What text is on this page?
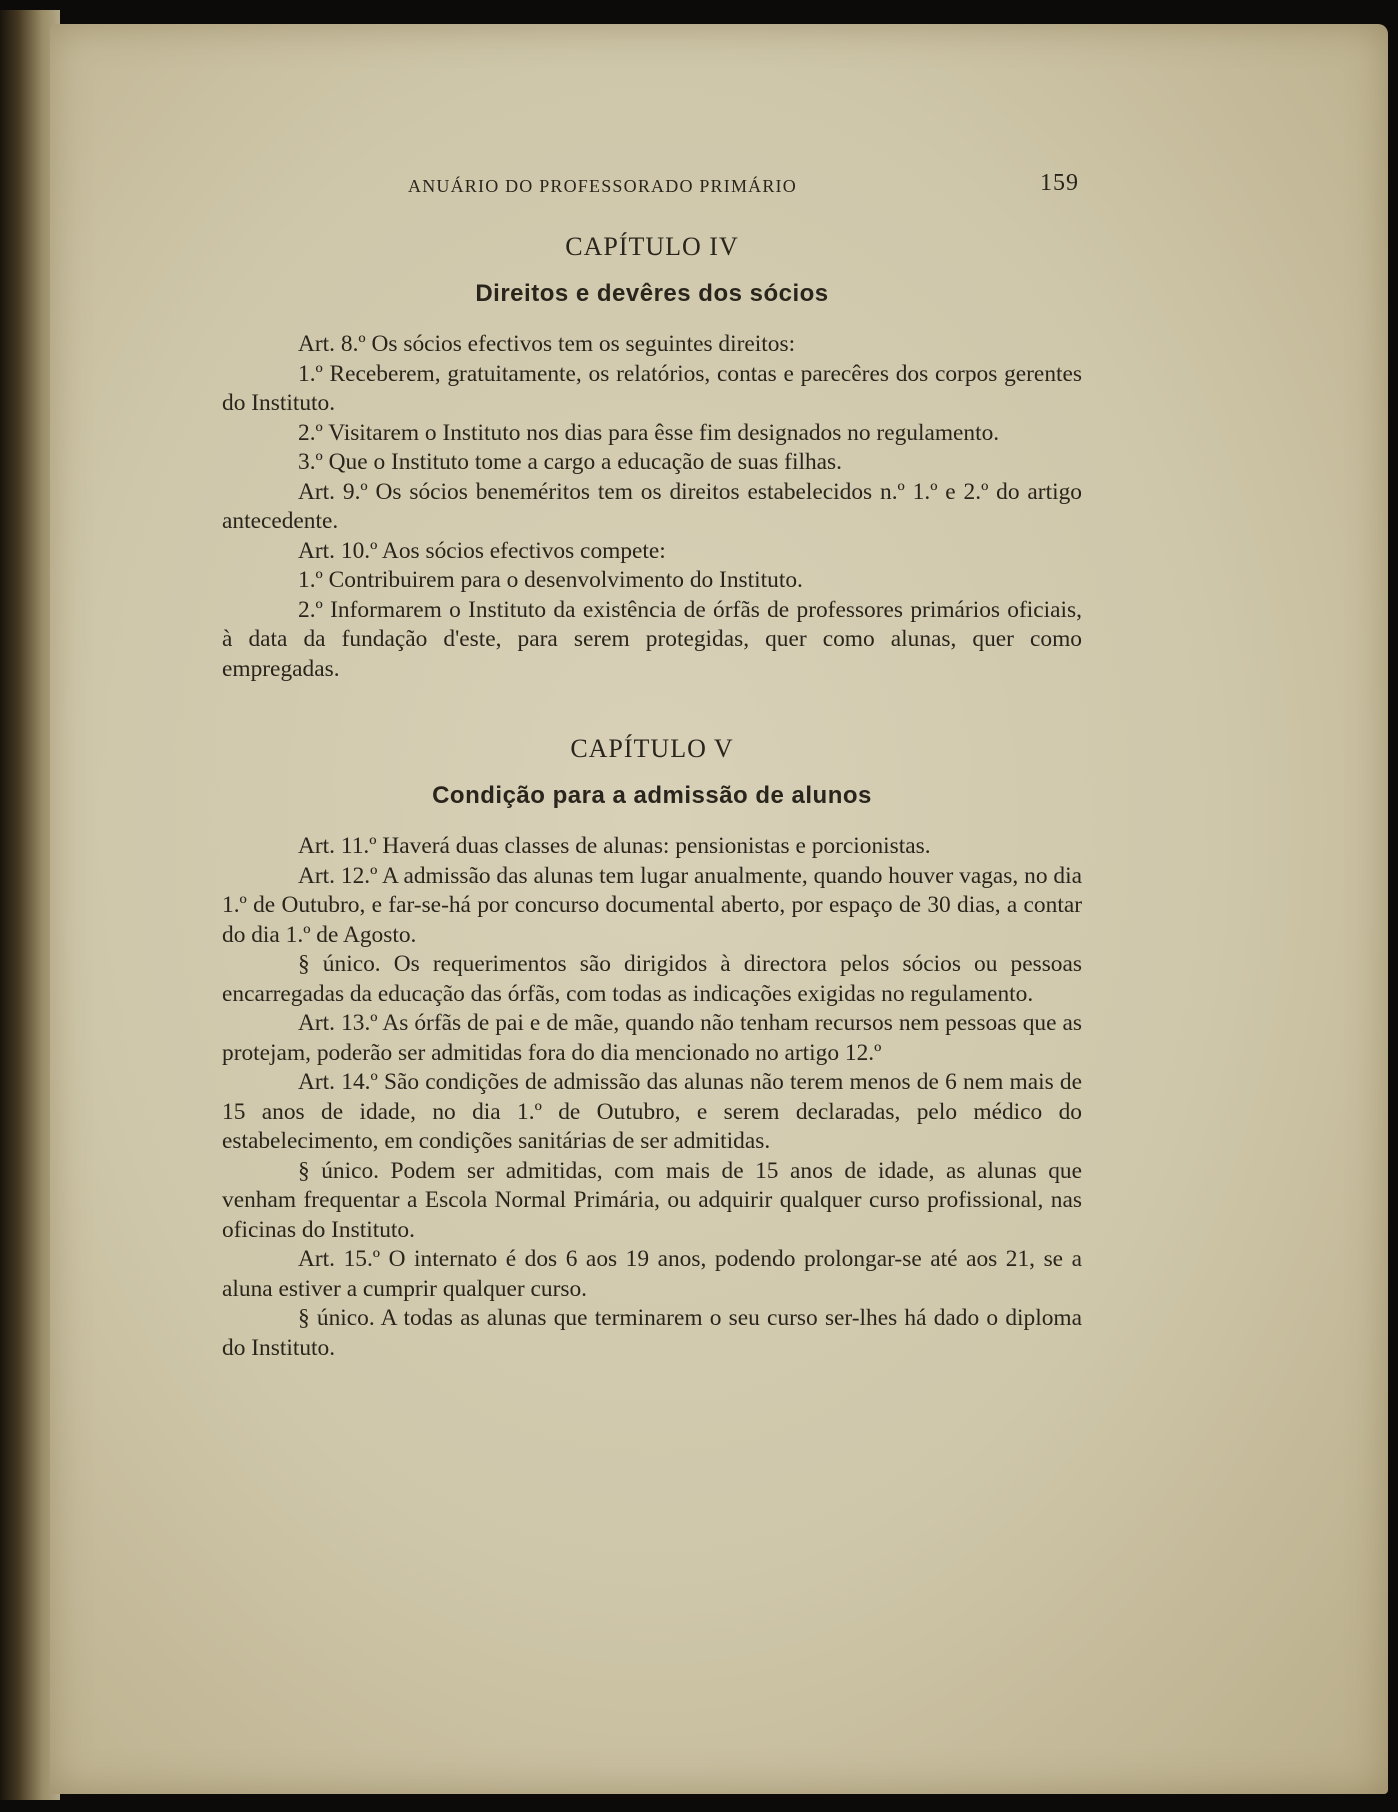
ANUÁRIO DO PROFESSORADO PRIMÁRIO	159
CAPÍTULO IV
Direitos e devêres dos sócios

Art. 8.º Os sócios efectivos tem os seguintes direitos:

1.º Receberem, gratuitamente, os relatórios, contas e parecêres dos corpos gerentes do Instituto.

2.º Visitarem o Instituto nos dias para êsse fim designados no regulamento.

3.º Que o Instituto tome a cargo a educação de suas filhas.

Art. 9.º Os sócios beneméritos tem os direitos estabelecidos n.º 1.º e 2.º do artigo antecedente.

Art. 10.º Aos sócios efectivos compete:

1.º Contribuirem para o desenvolvimento do Instituto.

2.º Informarem o Instituto da existência de órfãs de professores primários oficiais, à data da fundação d'este, para serem protegidas, quer como alunas, quer como empregadas.

CAPÍTULO V
Condição para a admissão de alunos

Art. 11.º Haverá duas classes de alunas: pensionistas e porcionistas.

Art. 12.º A admissão das alunas tem lugar anualmente, quando houver vagas, no dia 1.º de Outubro, e far-se-há por concurso documental aberto, por espaço de 30 dias, a contar do dia 1.º de Agosto.

§ único. Os requerimentos são dirigidos à directora pelos sócios ou pessoas encarregadas da educação das órfãs, com todas as indicações exigidas no regulamento.

Art. 13.º As órfãs de pai e de mãe, quando não tenham recursos nem pessoas que as protejam, poderão ser admitidas fora do dia mencionado no artigo 12.º

Art. 14.º São condições de admissão das alunas não terem menos de 6 nem mais de 15 anos de idade, no dia 1.º de Outubro, e serem declaradas, pelo médico do estabelecimento, em condições sanitárias de ser admitidas.

§ único. Podem ser admitidas, com mais de 15 anos de idade, as alunas que venham frequentar a Escola Normal Primária, ou adquirir qualquer curso profissional, nas oficinas do Instituto.

Art. 15.º O internato é dos 6 aos 19 anos, podendo prolongar-se até aos 21, se a aluna estiver a cumprir qualquer curso.

§ único. A todas as alunas que terminarem o seu curso ser-lhes há dado o diploma do Instituto.
